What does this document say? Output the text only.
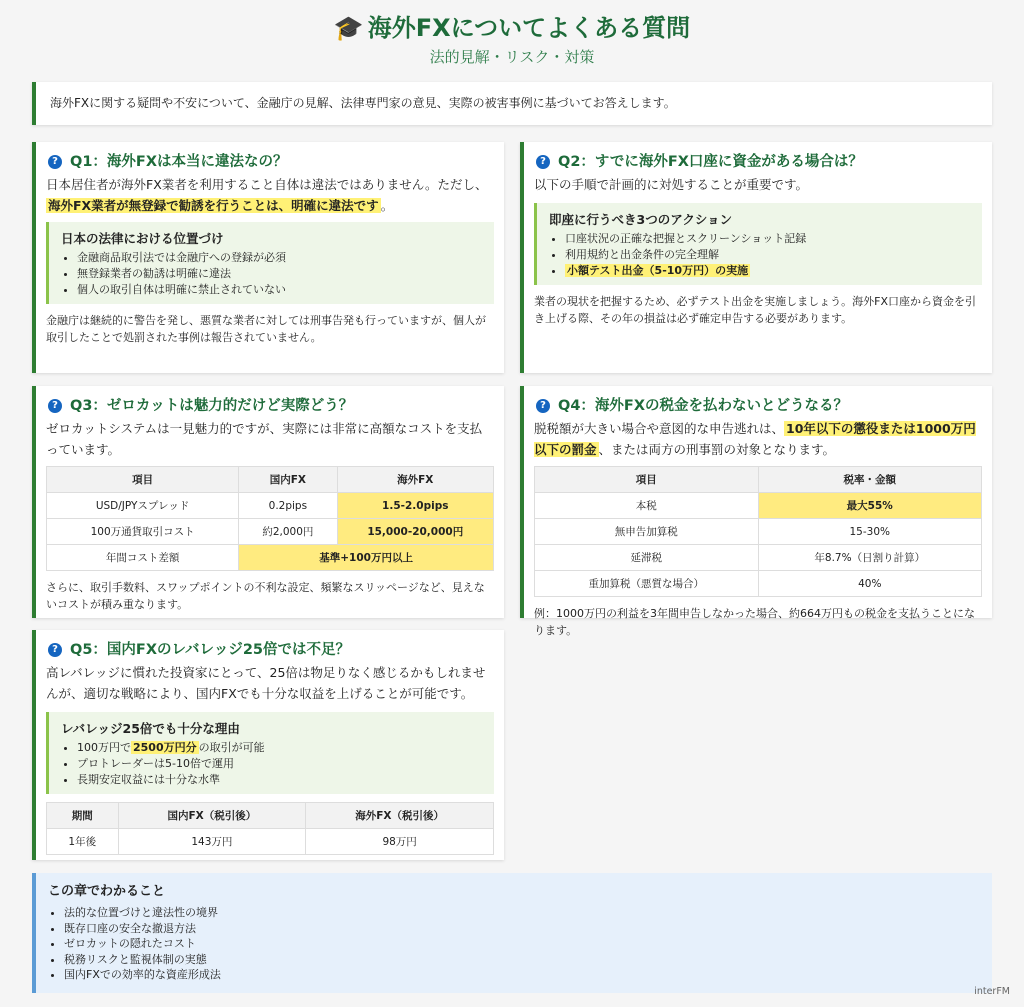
🎓 海外FXについてよくある質問
法的見解・リスク・対策
海外FXに関する疑問や不安について、金融庁の見解、法律専門家の意見、実際の被害事例に基づいてお答えします。
? Q1：海外FXは本当に違法なの？
日本居住者が海外FX業者を利用すること自体は違法ではありません。ただし、海外FX業者が無登録で勧誘を行うことは、明確に違法です 。
日本の法律における位置づけ
• 金融商品取引法では金融庁への登録が必須
• 無登録業者の勧誘は明確に違法
• 個人の取引自体は明確に禁止されていない
金融庁は継続的に警告を発し、悪質な業者に対しては刑事告発も行っていますが、個人が取引したことで処罰された事例は報告されていません。
? Q2：すでに海外FX口座に資金がある場合は？
以下の手順で計画的に対処することが重要です。
即座に行うべき3つのアクション
• 口座状況の正確な把握とスクリーンショット記録
• 利用規約と出金条件の完全理解
• 小額テスト出金（5-10万円）の実施
業者の現状を把握するため、必ずテスト出金を実施しましょう。海外FX口座から資金を引き上げる際、その年の損益は必ず確定申告する必要があります。
? Q3：ゼロカットは魅力的だけど実際どう？
ゼロカットシステムは一見魅力的ですが、実際には非常に高額なコストを支払っています。
項目	国内FX	海外FX
USD/JPYスプレッド	0.2pips	1.5-2.0pips
100万通貨取引コスト	約2,000円	15,000-20,000円
年間コスト差額	基準+100万円以上	
さらに、取引手数料、スワップポイントの不利な設定、頻繁なスリッページなど、見えないコストが積み重なります。
? Q4：海外FXの税金を払わないとどうなる？
脱税額が大きい場合や意図的な申告逃れは、 10年以下の懲役または1000万円以下の罰金 、または両方の刑事罰の対象となります。
項目	税率・金額
本税	最大55%
無申告加算税	15-30%
延滞税	年8.7%（日割り計算）
重加算税（悪質な場合）	40%
例：1000万円の利益を3年間申告しなかった場合、約664万円もの税金を支払うことになります。
? Q5：国内FXのレバレッジ25倍では不足？
高レバレッジに慣れた投資家にとって、25倍は物足りなく感じるかもしれませんが、適切な戦略により、国内FXでも十分な収益を上げることが可能です。
レバレッジ25倍でも十分な理由
• 100万円で 2500万円分 の取引が可能
• プロトレーダーは5-10倍で運用
• 長期安定収益には十分な水準
期間	国内FX（税引後）	海外FX（税引後）
1年後	143万円	98万円
この章でわかること
• 法的な位置づけと違法性の境界
• 既存口座の安全な撤退方法
• ゼロカットの隠れたコスト
• 税務リスクと監視体制の実態
• 国内FXでの効率的な資産形成法
interFM
